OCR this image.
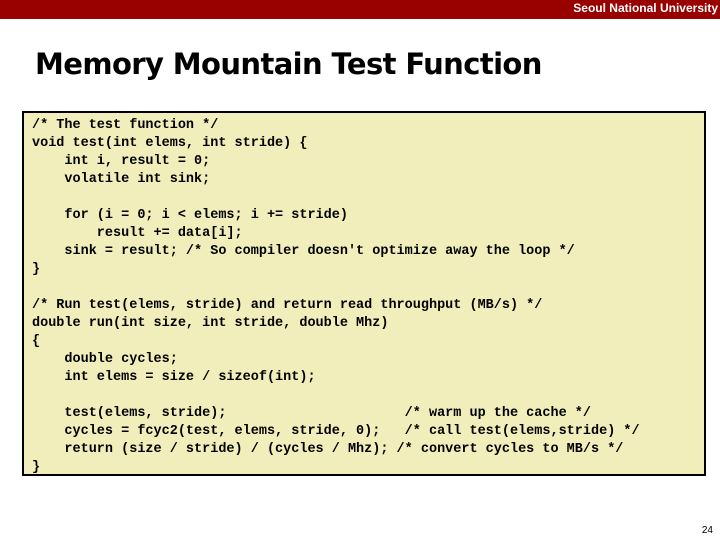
Seoul National University
Memory Mountain Test Function
/* The test function */
void test(int elems, int stride) {
int i, result = 0;
volatile int sink;
for (i = 0; i < elems; i += stride)
result += data[i];
sink = result; /* So compiler doesn't optimize away the loop */
}
/* Run test(elems, stride) and return read throughput (MB/s) */
double run(int size, int stride, double Mhz)
{
double cycles;
int elems = size / sizeof(int);
test(elems, stride);                      /* warm up the cache */
cycles = fcyc2(test, elems, stride, 0);   /* call test(elems,stride) */
return (size / stride) / (cycles / Mhz); /* convert cycles to MB/s */
}
24
